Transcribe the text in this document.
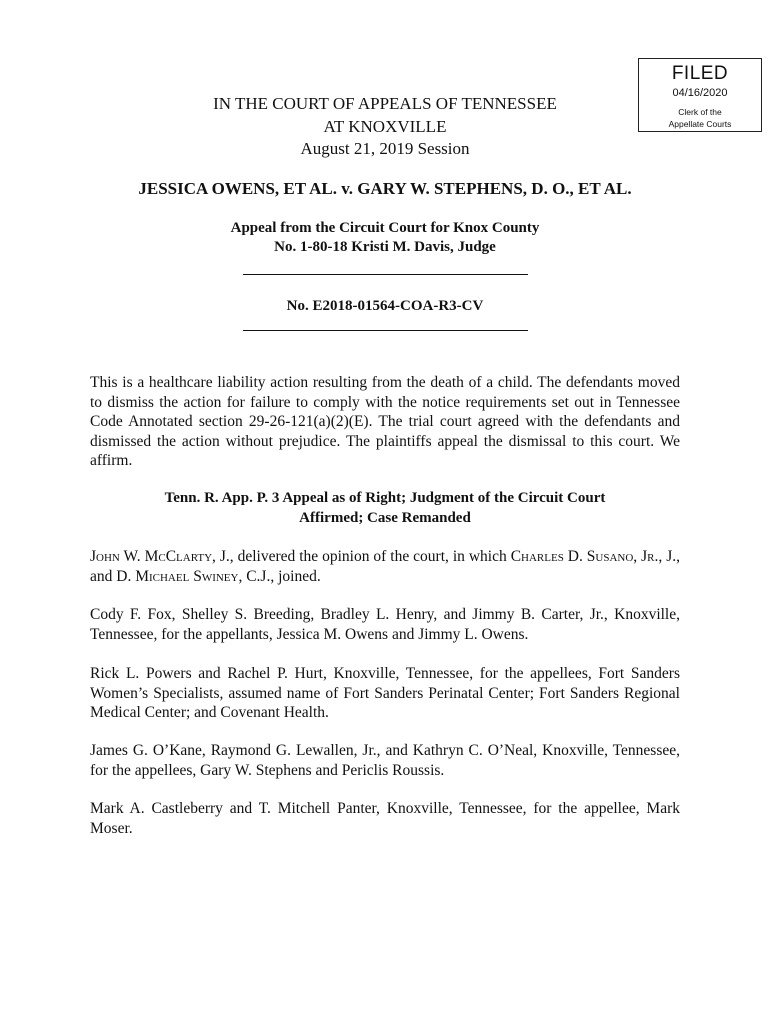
FILED
04/16/2020
Clerk of the
Appellate Courts
IN THE COURT OF APPEALS OF TENNESSEE
AT KNOXVILLE
August 21, 2019 Session
JESSICA OWENS, ET AL. v. GARY W. STEPHENS, D. O., ET AL.
Appeal from the Circuit Court for Knox County
No. 1-80-18 Kristi M. Davis, Judge
No. E2018-01564-COA-R3-CV
This is a healthcare liability action resulting from the death of a child. The defendants moved to dismiss the action for failure to comply with the notice requirements set out in Tennessee Code Annotated section 29-26-121(a)(2)(E). The trial court agreed with the defendants and dismissed the action without prejudice. The plaintiffs appeal the dismissal to this court. We affirm.
Tenn. R. App. P. 3 Appeal as of Right; Judgment of the Circuit Court
Affirmed; Case Remanded
John W. McClarty, J., delivered the opinion of the court, in which Charles D. Susano, Jr., J., and D. Michael Swiney, C.J., joined.
Cody F. Fox, Shelley S. Breeding, Bradley L. Henry, and Jimmy B. Carter, Jr., Knoxville, Tennessee, for the appellants, Jessica M. Owens and Jimmy L. Owens.
Rick L. Powers and Rachel P. Hurt, Knoxville, Tennessee, for the appellees, Fort Sanders Women’s Specialists, assumed name of Fort Sanders Perinatal Center; Fort Sanders Regional Medical Center; and Covenant Health.
James G. O’Kane, Raymond G. Lewallen, Jr., and Kathryn C. O’Neal, Knoxville, Tennessee, for the appellees, Gary W. Stephens and Periclis Roussis.
Mark A. Castleberry and T. Mitchell Panter, Knoxville, Tennessee, for the appellee, Mark Moser.
